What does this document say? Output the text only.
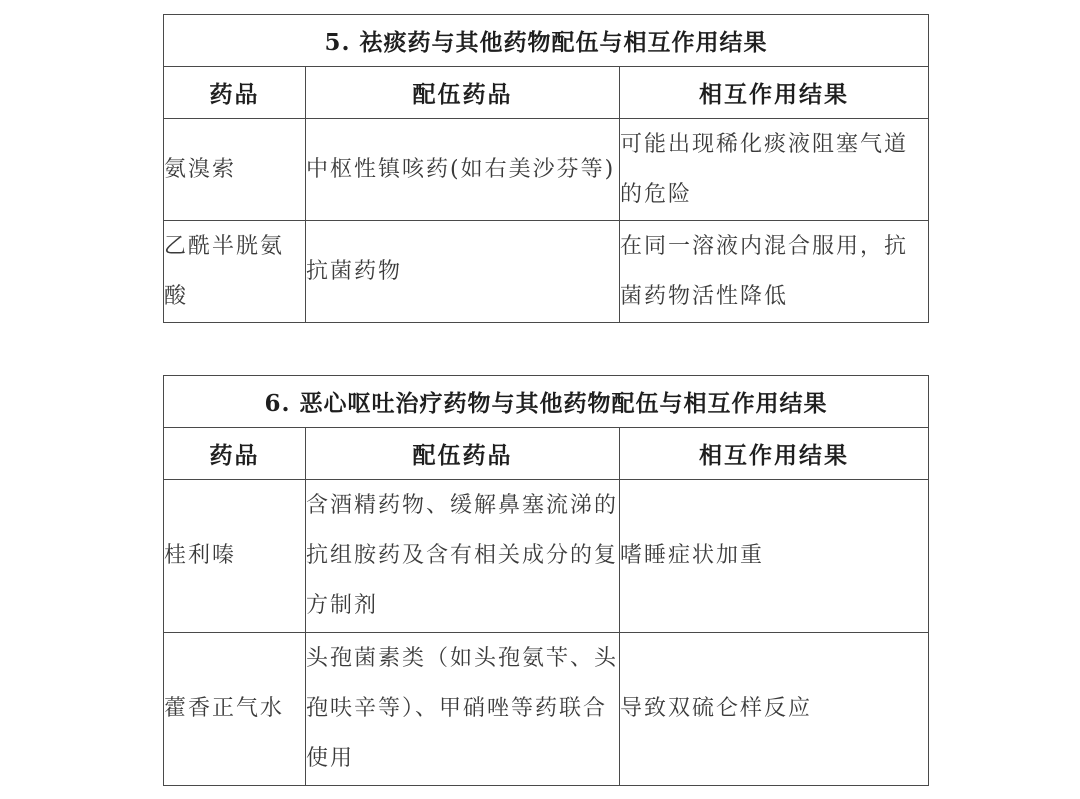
5. 祛痰药与其他药物配伍与相互作用结果		
药品	配伍药品	相互作用结果
氨溴索	中枢性镇咳药(如右美沙芬等)	可能出现稀化痰液阻塞气道的危险
乙酰半胱氨酸	抗菌药物	在同一溶液内混合服用，抗菌药物活性降低
6. 恶心呕吐治疗药物与其他药物配伍与相互作用结果		
药品	配伍药品	相互作用结果
桂利嗪	含酒精药物、缓解鼻塞流涕的抗组胺药及含有相关成分的复方制剂	嗜睡症状加重
藿香正气水	头孢菌素类（如头孢氨苄、头孢呋辛等）、甲硝唑等药联合使用	导致双硫仑样反应
